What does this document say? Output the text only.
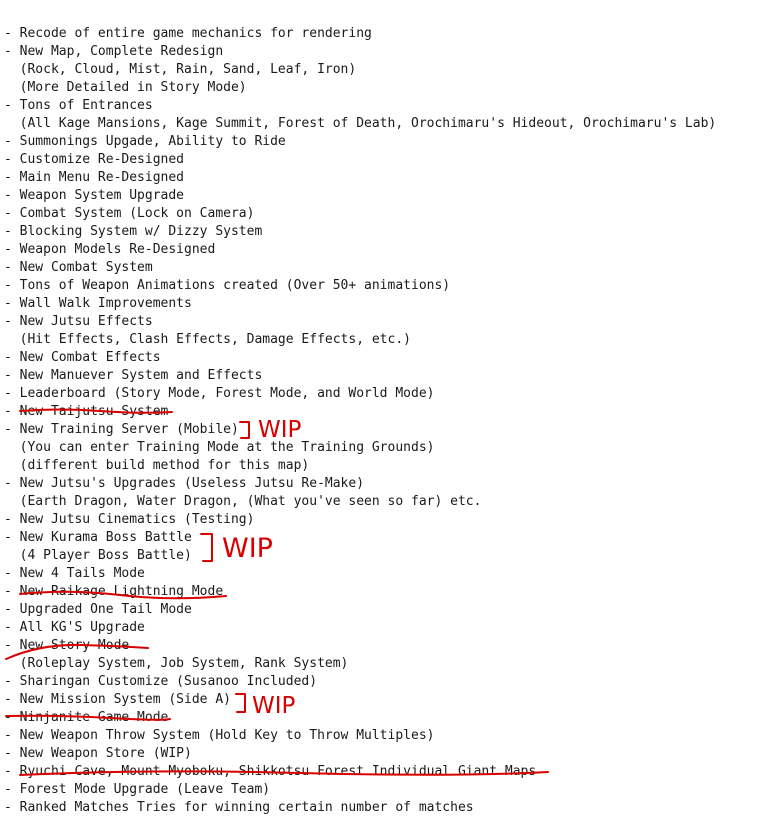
- Recode of entire game mechanics for rendering
- New Map, Complete Redesign
(Rock, Cloud, Mist, Rain, Sand, Leaf, Iron)
(More Detailed in Story Mode)
- Tons of Entrances
(All Kage Mansions, Kage Summit, Forest of Death, Orochimaru's Hideout, Orochimaru's Lab)
- Summonings Upgade, Ability to Ride
- Customize Re-Designed
- Main Menu Re-Designed
- Weapon System Upgrade
- Combat System (Lock on Camera)
- Blocking System w/ Dizzy System
- Weapon Models Re-Designed
- New Combat System
- Tons of Weapon Animations created (Over 50+ animations)
- Wall Walk Improvements
- New Jutsu Effects
(Hit Effects, Clash Effects, Damage Effects, etc.)
- New Combat Effects
- New Manuever System and Effects
- Leaderboard (Story Mode, Forest Mode, and World Mode)
- New Taijutsu System
- New Training Server (Mobile)
(You can enter Training Mode at the Training Grounds)
(different build method for this map)
- New Jutsu's Upgrades (Useless Jutsu Re-Make)
(Earth Dragon, Water Dragon, (What you've seen so far) etc.
- New Jutsu Cinematics (Testing)
- New Kurama Boss Battle
(4 Player Boss Battle)
- New 4 Tails Mode
- New Raikage Lightning Mode
- Upgraded One Tail Mode
- All KG'S Upgrade
- New Story Mode
(Roleplay System, Job System, Rank System)
- Sharingan Customize (Susanoo Included)
- New Mission System (Side A)
- Ninjanite Game Mode
- New Weapon Throw System (Hold Key to Throw Multiples)
- New Weapon Store (WIP)
- Ryuchi Cave, Mount Myoboku, Shikkotsu Forest Individual Giant Maps
- Forest Mode Upgrade (Leave Team)
- Ranked Matches Tries for winning certain number of matches
WIP
WIP
WIP
